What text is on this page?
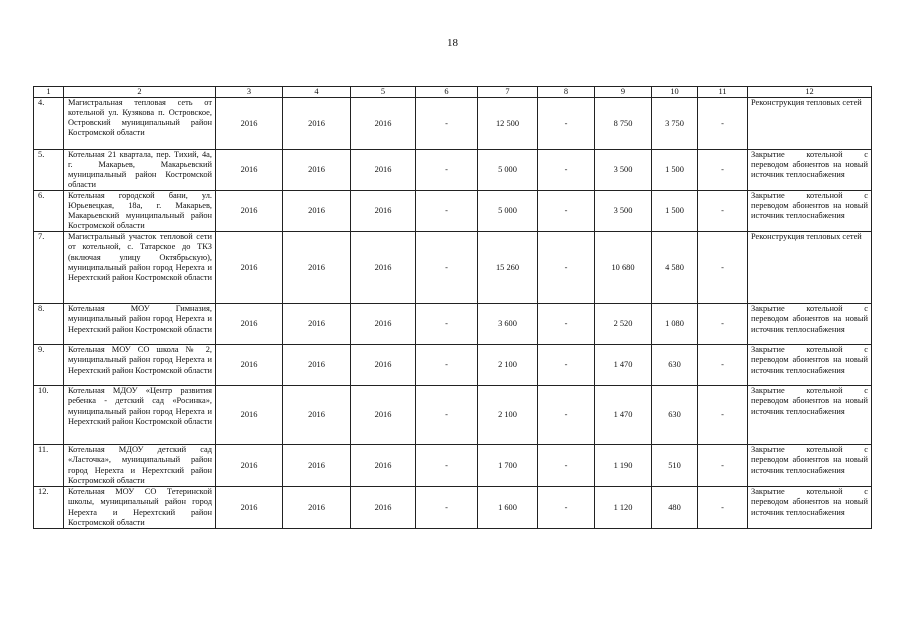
18
1	2	3	4	5	6	7	8	9	10	11	12
4.	Магистральная тепловая сеть от котельной ул. Кузякова п. Островское, Островский муниципальный район Костромской области	2016	2016	2016	-	12 500	-	8 750	3 750	-	Реконструкция тепловых сетей
5.	Котельная 21 квартала, пер. Тихий, 4а, г. Макарьев, Макарьевский муниципальный район Костромской области	2016	2016	2016	-	5 000	-	3 500	1 500	-	Закрытие котельной с переводом абонентов на новый источник теплоснабжения
6.	Котельная городской бани, ул. Юрьевецкая, 18а, г. Макарьев, Макарьевский муниципальный район Костромской области	2016	2016	2016	-	5 000	-	3 500	1 500	-	Закрытие котельной с переводом абонентов на новый источник теплоснабжения
7.	Магистральный участок тепловой сети от котельной, с. Татарское до ТКЗ (включая улицу Октябрьскую), муниципальный район город Нерехта и Нерехтский район Костромской области	2016	2016	2016	-	15 260	-	10 680	4 580	-	Реконструкция тепловых сетей
8.	Котельная МОУ Гимназия, муниципальный район город Нерехта и Нерехтский район Костромской области	2016	2016	2016	-	3 600	-	2 520	1 080	-	Закрытие котельной с переводом абонентов на новый источник теплоснабжения
9.	Котельная МОУ СО школа № 2, муниципальный район город Нерехта и Нерехтский район Костромской области	2016	2016	2016	-	2 100	-	1 470	630	-	Закрытие котельной с переводом абонентов на новый источник теплоснабжения
10.	Котельная МДОУ «Центр развития ребенка - детский сад «Росинка», муниципальный район город Нерехта и Нерехтский район Костромской области	2016	2016	2016	-	2 100	-	1 470	630	-	Закрытие котельной с переводом абонентов на новый источник теплоснабжения
11.	Котельная МДОУ детский сад «Ласточка», муниципальный район город Нерехта и Нерехтский район Костромской области	2016	2016	2016	-	1 700	-	1 190	510	-	Закрытие котельной с переводом абонентов на новый источник теплоснабжения
12.	Котельная МОУ СО Тетеринской школы, муниципальный район город Нерехта и Нерехтский район Костромской области	2016	2016	2016	-	1 600	-	1 120	480	-	Закрытие котельной с переводом абонентов на новый источник теплоснабжения
